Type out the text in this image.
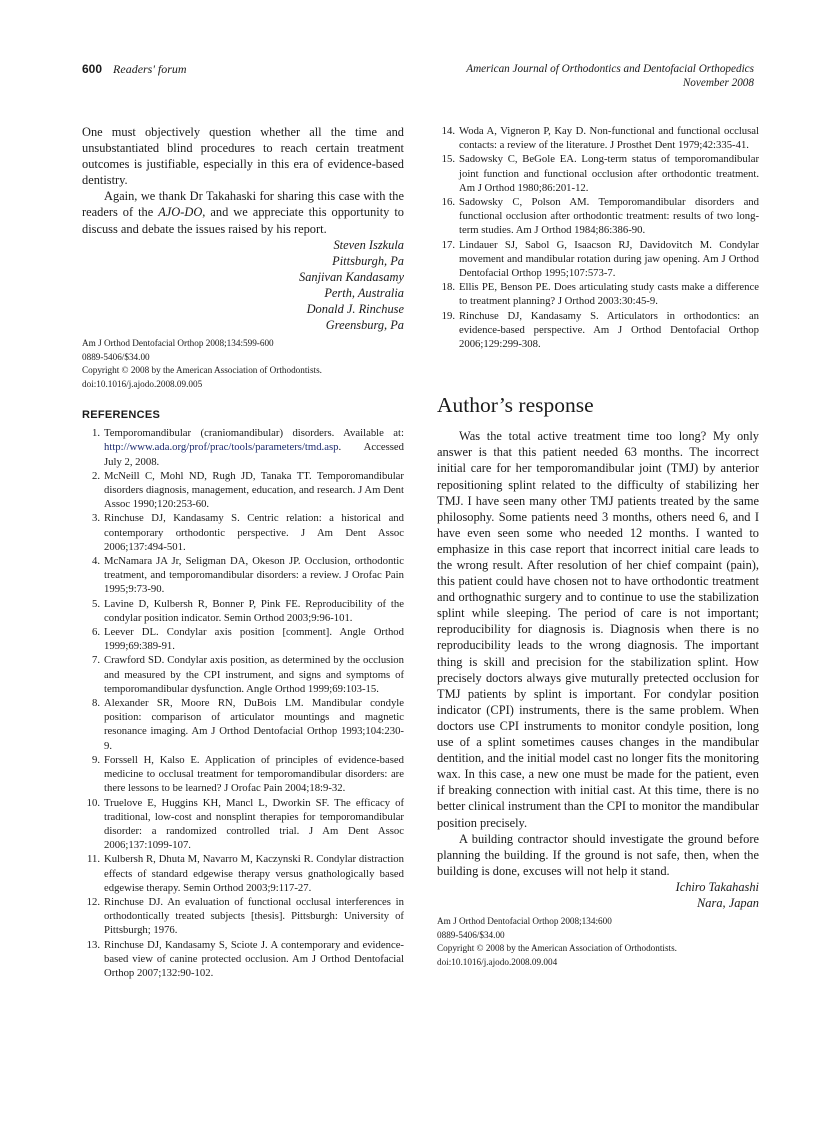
600 Readers' forum	American Journal of Orthodontics and Dentofacial Orthopedics
November 2008

One must objectively question whether all the time and unsubstantiated blind procedures to reach certain treatment outcomes is justifiable, especially in this era of evidence-based dentistry.

Again, we thank Dr Takahaski for sharing this case with the readers of the AJO-DO, and we appreciate this opportunity to discuss and debate the issues raised by his report.

Steven Iszkula
Pittsburgh, Pa
Sanjivan Kandasamy
Perth, Australia
Donald J. Rinchuse
Greensburg, Pa
Am J Orthod Dentofacial Orthop 2008;134:599-600
0889-5406/$34.00
Copyright © 2008 by the American Association of Orthodontists.
doi:10.1016/j.ajodo.2008.09.005
REFERENCES
1. Temporomandibular (craniomandibular) disorders. Available at: http://www.ada.org/prof/prac/tools/parameters/tmd.asp. Accessed July 2, 2008.
2. McNeill C, Mohl ND, Rugh JD, Tanaka TT. Temporomandibular disorders diagnosis, management, education, and research. J Am Dent Assoc 1990;120:253-60.
3. Rinchuse DJ, Kandasamy S. Centric relation: a historical and contemporary orthodontic perspective. J Am Dent Assoc 2006;137:494-501.
4. McNamara JA Jr, Seligman DA, Okeson JP. Occlusion, orthodontic treatment, and temporomandibular disorders: a review. J Orofac Pain 1995;9:73-90.
5. Lavine D, Kulbersh R, Bonner P, Pink FE. Reproducibility of the condylar position indicator. Semin Orthod 2003;9:96-101.
6. Leever DL. Condylar axis position [comment]. Angle Orthod 1999;69:389-91.
7. Crawford SD. Condylar axis position, as determined by the occlusion and measured by the CPI instrument, and signs and symptoms of temporomandibular dysfunction. Angle Orthod 1999;69:103-15.
8. Alexander SR, Moore RN, DuBois LM. Mandibular condyle position: comparison of articulator mountings and magnetic resonance imaging. Am J Orthod Dentofacial Orthop 1993;104:230-9.
9. Forssell H, Kalso E. Application of principles of evidence-based medicine to occlusal treatment for temporomandibular disorders: are there lessons to be learned? J Orofac Pain 2004;18:9-32.
10. Truelove E, Huggins KH, Mancl L, Dworkin SF. The efficacy of traditional, low-cost and nonsplint therapies for temporomandibular disorder: a randomized controlled trial. J Am Dent Assoc 2006;137:1099-107.
11. Kulbersh R, Dhuta M, Navarro M, Kaczynski R. Condylar distraction effects of standard edgewise therapy versus gnathologically based edgewise therapy. Semin Orthod 2003;9:117-27.
12. Rinchuse DJ. An evaluation of functional occlusal interferences in orthodontically treated subjects [thesis]. Pittsburgh: University of Pittsburgh; 1976.
13. Rinchuse DJ, Kandasamy S, Sciote J. A contemporary and evidence-based view of canine protected occlusion. Am J Orthod Dentofacial Orthop 2007;132:90-102.
14. Woda A, Vigneron P, Kay D. Non-functional and functional occlusal contacts: a review of the literature. J Prosthet Dent 1979;42:335-41.
15. Sadowsky C, BeGole EA. Long-term status of temporomandibular joint function and functional occlusion after orthodontic treatment. Am J Orthod 1980;86:201-12.
16. Sadowsky C, Polson AM. Temporomandibular disorders and functional occlusion after orthodontic treatment: results of two long-term studies. Am J Orthod 1984;86:386-90.
17. Lindauer SJ, Sabol G, Isaacson RJ, Davidovitch M. Condylar movement and mandibular rotation during jaw opening. Am J Orthod Dentofacial Orthop 1995;107:573-7.
18. Ellis PE, Benson PE. Does articulating study casts make a difference to treatment planning? J Orthod 2003:30:45-9.
19. Rinchuse DJ, Kandasamy S. Articulators in orthodontics: an evidence-based perspective. Am J Orthod Dentofacial Orthop 2006;129:299-308.
Author’s response

Was the total active treatment time too long? My only answer is that this patient needed 63 months. The incorrect initial care for her temporomandibular joint (TMJ) by anterior repositioning splint related to the difficulty of stabilizing her TMJ. I have seen many other TMJ patients treated by the same philosophy. Some patients need 3 months, others need 6, and I have even seen some who needed 12 months. I wanted to emphasize in this case report that incorrect initial care leads to the wrong result. After resolution of her chief compaint (pain), this patient could have chosen not to have orthodontic treatment and orthognathic surgery and to continue to use the stabilization splint while sleeping. The period of care is not important; reproducibility for diagnosis is. Diagnosis when there is no reproducibility leads to the wrong diagnosis. The important thing is skill and precision for the stabilization splint. How precisely doctors always give muturally pretected occlusion for TMJ patients by splint is important. For condylar position indicator (CPI) instruments, there is the same problem. When doctors use CPI instruments to monitor condyle position, long use of a splint sometimes causes changes in the mandibular dentition, and the initial model cast no longer fits the monitoring wax. In this case, a new one must be made for the patient, even if breaking connection with initial cast. At this time, there is no better clinical instrument than the CPI to monitor the mandibular position precisely.

A building contractor should investigate the ground before planning the building. If the ground is not safe, then, when the building is done, excuses will not help it stand.

Ichiro Takahashi
Nara, Japan
Am J Orthod Dentofacial Orthop 2008;134:600
0889-5406/$34.00
Copyright © 2008 by the American Association of Orthodontists.
doi:10.1016/j.ajodo.2008.09.004
